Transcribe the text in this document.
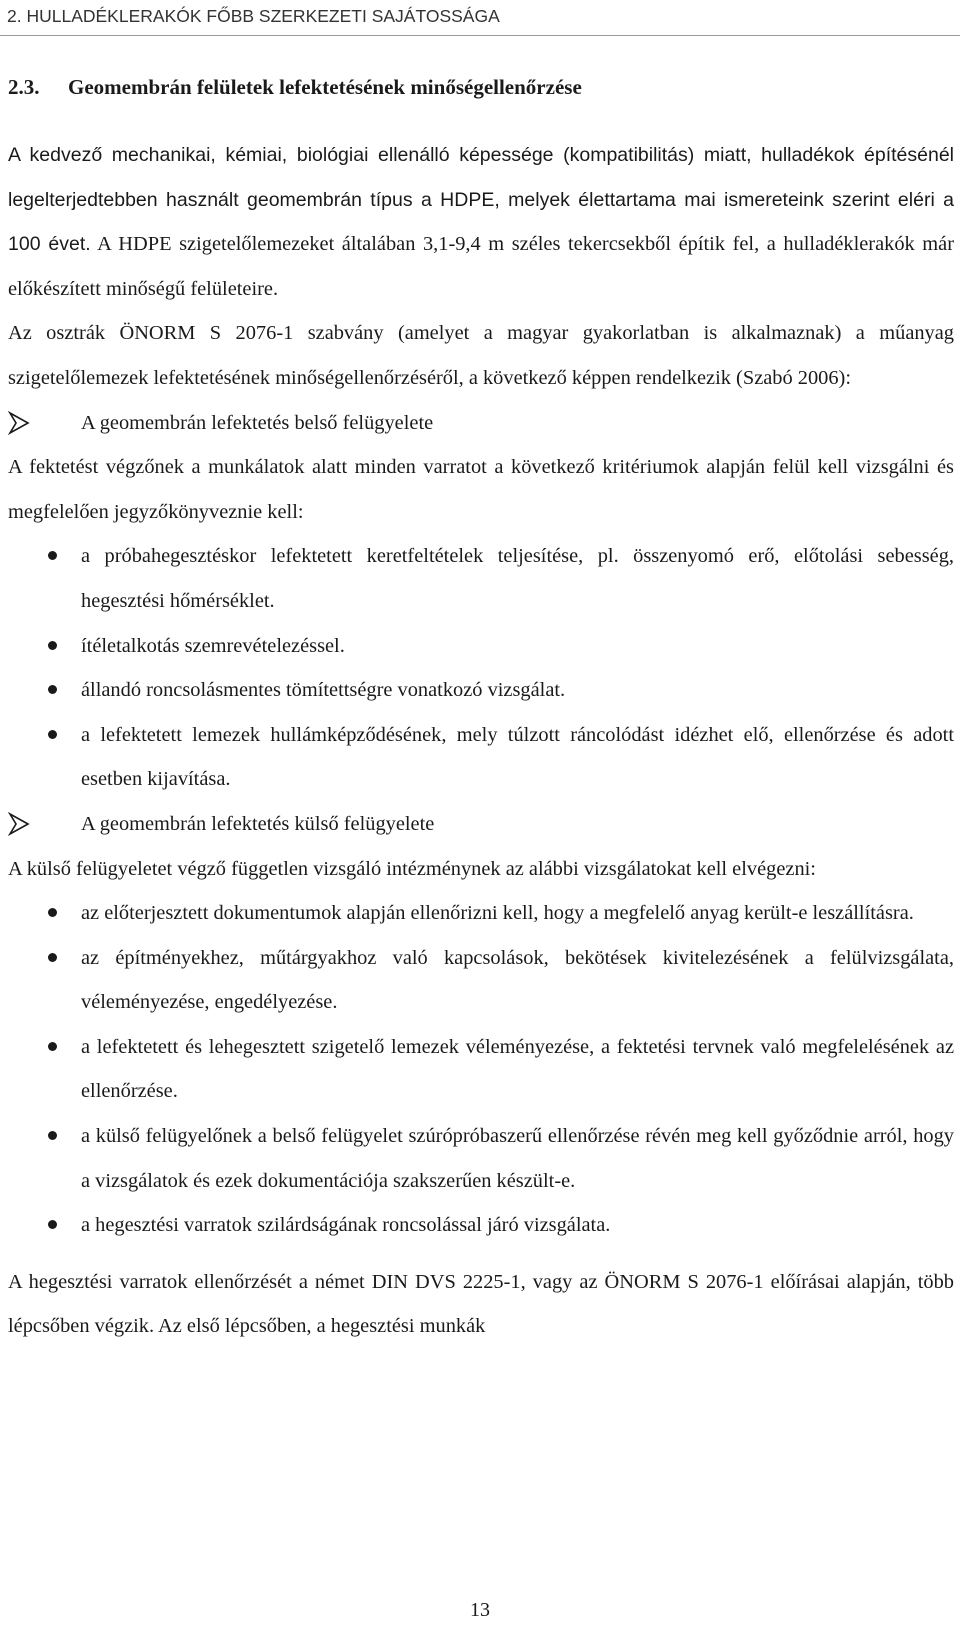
2. HULLADÉKLERAKÓK FŐBB SZERKEZETI SAJÁTOSSÁGA
2.3. Geomembrán felületek lefektetésének minőségellenőrzése

A kedvező mechanikai, kémiai, biológiai ellenálló képessége (kompatibilitás) miatt, hulladékok építésénél legelterjedtebben használt geomembrán típus a HDPE, melyek élettartama mai ismereteink szerint eléri a 100 évet. A HDPE szigetelőlemezeket általában 3,1-9,4 m széles tekercsekből építik fel, a hulladéklerakók már előkészített minőségű felületeire.

Az osztrák ÖNORM S 2076-1 szabvány (amelyet a magyar gyakorlatban is alkalmaznak) a műanyag szigetelőlemezek lefektetésének minőségellenőrzéséről, a következő képpen rendelkezik (Szabó 2006):

A geomembrán lefektetés belső felügyelete

A fektetést végzőnek a munkálatok alatt minden varratot a következő kritériumok alapján felül kell vizsgálni és megfelelően jegyzőkönyveznie kell:

a próbahegesztéskor lefektetett keretfeltételek teljesítése, pl. összenyomó erő, előtolási sebesség, hegesztési hőmérséklet.
ítéletalkotás szemrevételezéssel.
állandó roncsolásmentes tömítettségre vonatkozó vizsgálat.
a lefektetett lemezek hullámképződésének, mely túlzott ráncolódást idézhet elő, ellenőrzése és adott esetben kijavítása.
A geomembrán lefektetés külső felügyelete

A külső felügyeletet végző független vizsgáló intézménynek az alábbi vizsgálatokat kell elvégezni:

az előterjesztett dokumentumok alapján ellenőrizni kell, hogy a megfelelő anyag került-e leszállításra.
az építményekhez, műtárgyakhoz való kapcsolások, bekötések kivitelezésének a felülvizsgálata, véleményezése, engedélyezése.
a lefektetett és lehegesztett szigetelő lemezek véleményezése, a fektetési tervnek való megfelelésének az ellenőrzése.
a külső felügyelőnek a belső felügyelet szúrópróbaszerű ellenőrzése révén meg kell győződnie arról, hogy a vizsgálatok és ezek dokumentációja szakszerűen készült-e.
a hegesztési varratok szilárdságának roncsolással járó vizsgálata.

A hegesztési varratok ellenőrzését a német DIN DVS 2225-1, vagy az ÖNORM S 2076-1 előírásai alapján, több lépcsőben végzik. Az első lépcsőben, a hegesztési munkák

13
